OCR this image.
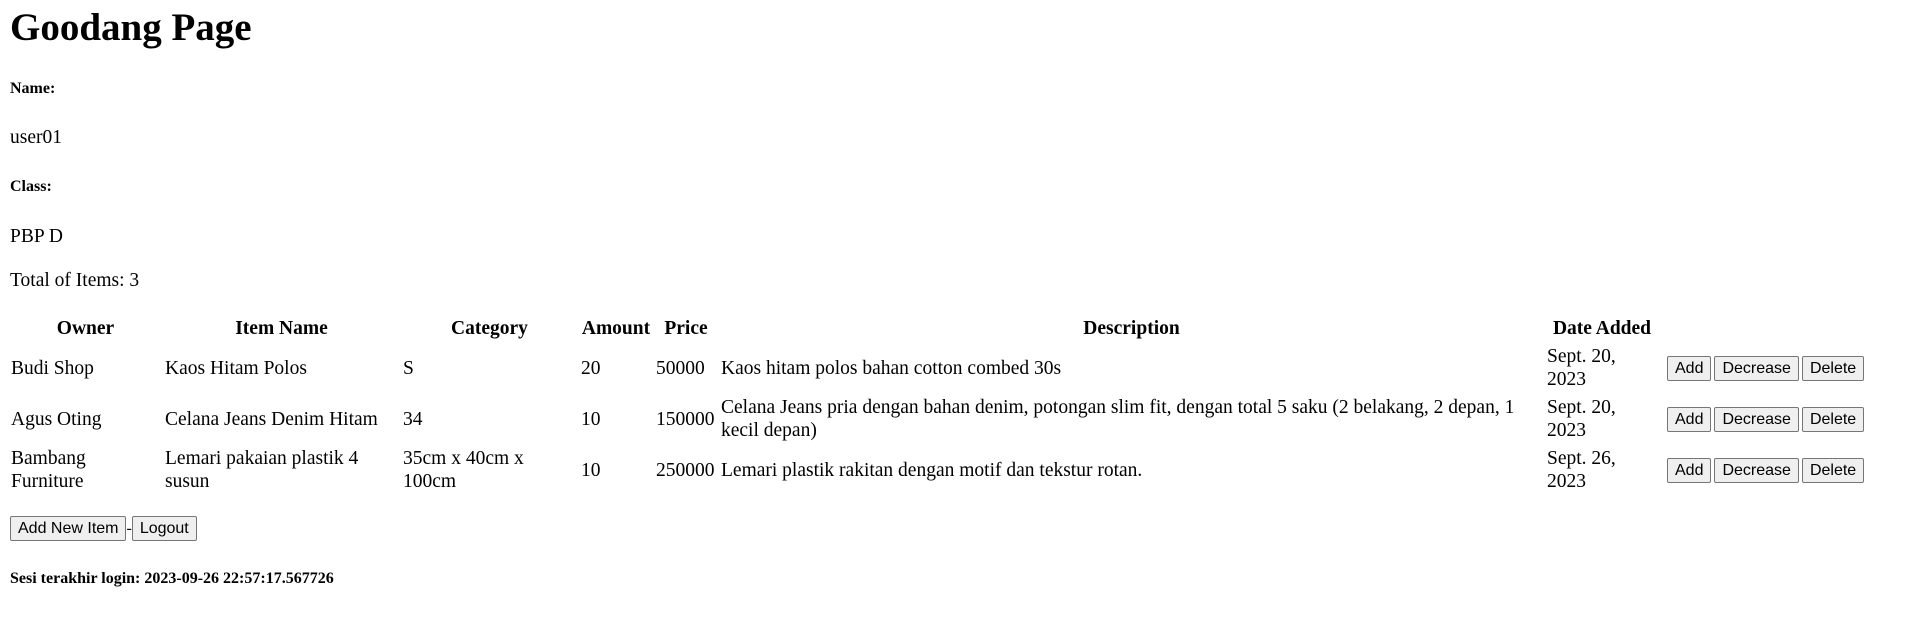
Goodang Page
Name:

user01

Class:

PBP D

Total of Items: 3

Owner	Item Name	Category	Amount	Price	Description	Date Added	
Budi Shop	Kaos Hitam Polos	S	20	50000	Kaos hitam polos bahan cotton combed 30s	Sept. 20, 2023	Add Decrease Delete
Agus Oting	Celana Jeans Denim Hitam	34	10	150000	Celana Jeans pria dengan bahan denim, potongan slim fit, dengan total 5 saku (2 belakang, 2 depan, 1 kecil depan)	Sept. 20, 2023	Add Decrease Delete
Bambang Furniture	Lemari pakaian plastik 4 susun	35cm x 40cm x 100cm	10	250000	Lemari plastik rakitan dengan motif dan tekstur rotan.	Sept. 26, 2023	Add Decrease Delete
Add New Item - Logout
Sesi terakhir login: 2023-09-26 22:57:17.567726
